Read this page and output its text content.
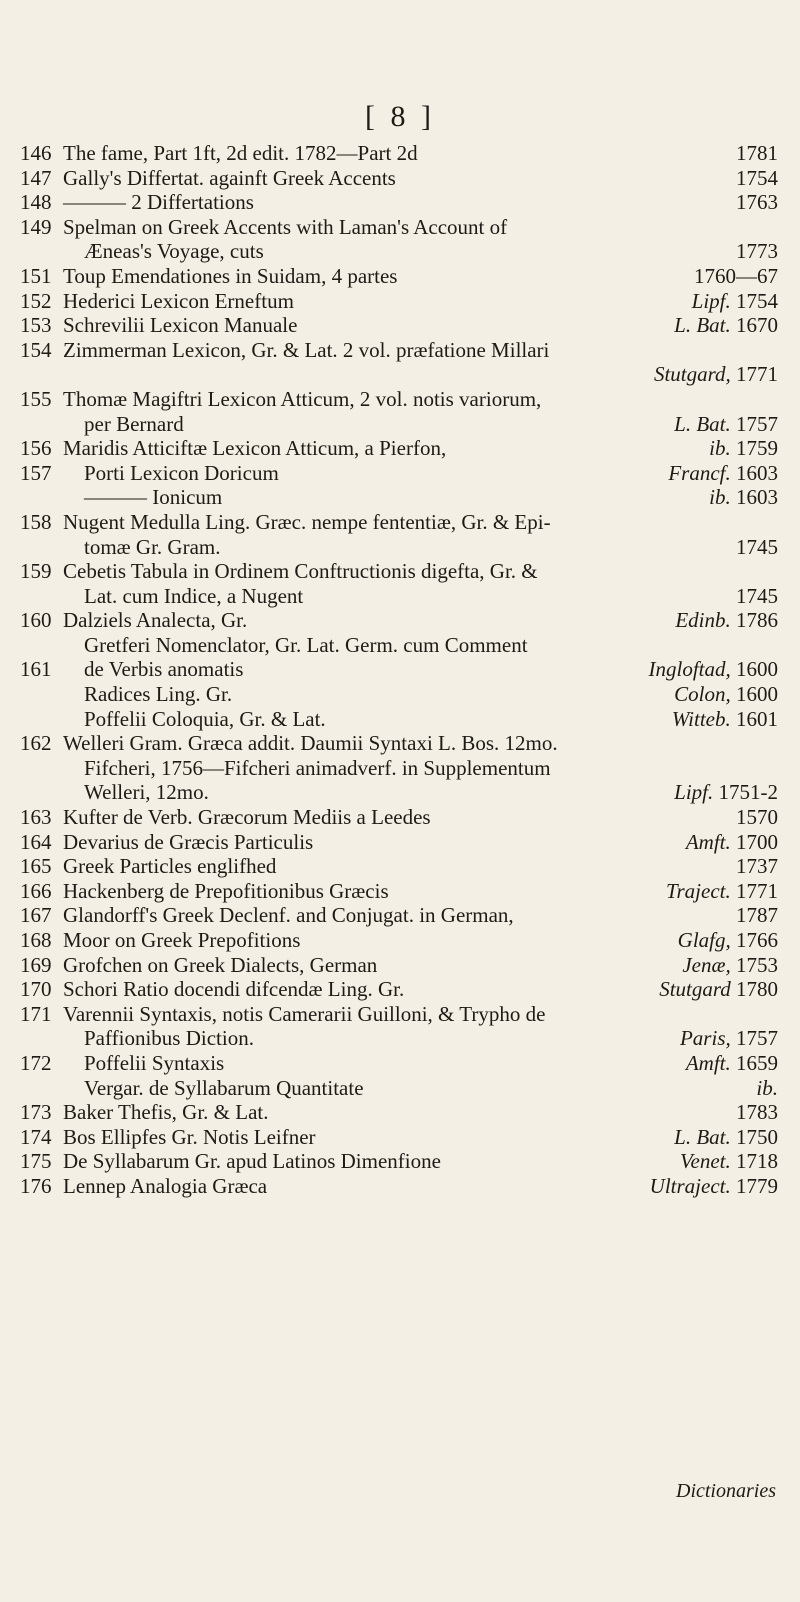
[ 8 ]
146 The fame, Part 1ft, 2d edit. 1782—Part 2d	1781
147 Gally's Differtat. againft Greek Accents	1754
148 ——— 2 Differtations	1763
149 Spelman on Greek Accents with Laman's Account of
Æneas's Voyage, cuts	1773
151 Toup Emendationes in Suidam, 4 partes	1760—67
152 Hederici Lexicon Erneftum	Lipf. 1754
153 Schrevilii Lexicon Manuale	L. Bat. 1670
154 Zimmerman Lexicon, Gr. & Lat. 2 vol. præfatione Millari
Stutgard, 1771
155 Thomæ Magiftri Lexicon Atticum, 2 vol. notis variorum,
per Bernard	L. Bat. 1757
156 Maridis Atticiftæ Lexicon Atticum, a Pierfon,	ib. 1759
157	Porti Lexicon Doricum	Francf. 1603
——— Ionicum	ib. 1603
158 Nugent Medulla Ling. Græc. nempe fententiæ, Gr. & Epi-
tomæ Gr. Gram.	1745
159 Cebetis Tabula in Ordinem Conftructionis digefta, Gr. &
Lat. cum Indice, a Nugent	1745
160 Dalziels Analecta, Gr.	Edinb. 1786
Gretferi Nomenclator, Gr. Lat. Germ. cum Comment
161	de Verbis anomatis	Ingloftad, 1600
Radices Ling. Gr.	Colon, 1600
Poffelii Coloquia, Gr. & Lat.	Witteb. 1601
162 Welleri Gram. Græca addit. Daumii Syntaxi L. Bos. 12mo.
Fifcheri, 1756—Fifcheri animadverf. in Supplementum
Welleri, 12mo.	Lipf. 1751-2
163 Kufter de Verb. Græcorum Mediis a Leedes	1570
164 Devarius de Græcis Particulis	Amft. 1700
165 Greek Particles englifhed	1737
166 Hackenberg de Prepofitionibus Græcis	Traject. 1771
167 Glandorff's Greek Declenf. and Conjugat. in German,	1787
168 Moor on Greek Prepofitions	Glafg, 1766
169 Grofchen on Greek Dialects, German	Jenæ, 1753
170 Schori Ratio docendi difcendæ Ling. Gr.	Stutgard 1780
171 Varennii Syntaxis, notis Camerarii Guilloni, & Trypho de
Paffionibus Diction.	Paris, 1757
172	Poffelii Syntaxis	Amft. 1659
Vergar. de Syllabarum Quantitate	ib.
173 Baker Thefis, Gr. & Lat.	1783
174 Bos Ellipfes Gr. Notis Leifner	L. Bat. 1750
175 De Syllabarum Gr. apud Latinos Dimenfione	Venet. 1718
176 Lennep Analogia Græca	Ultraject. 1779
Dictionaries
